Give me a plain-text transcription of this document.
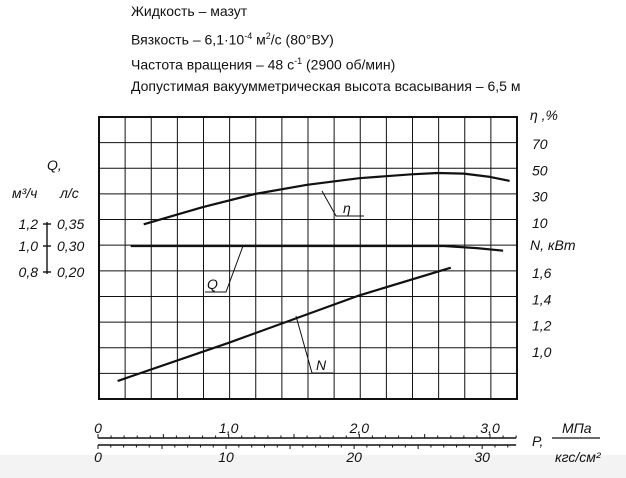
Жидкость – мазут
Вязкость – $6,1\cdot 10^{-4}$ $м^2/с$ (80°ВУ)
Частота вращения – 48 $с^{-1}$ (2900 об/мин)
Допустимая вакуумметрическая высота всасывания – 6,5 м
0	1,0	2,0	3,0
0	10	20	30
P,
МПа
кгс/см²
η ,%
70
50
30
10
N, кВт
1,6
1,4
1,2
1,0
Q,
м³/ч л/с
1,2
1,0
0,8
0,35
0,30
0,20
η
Q
N
